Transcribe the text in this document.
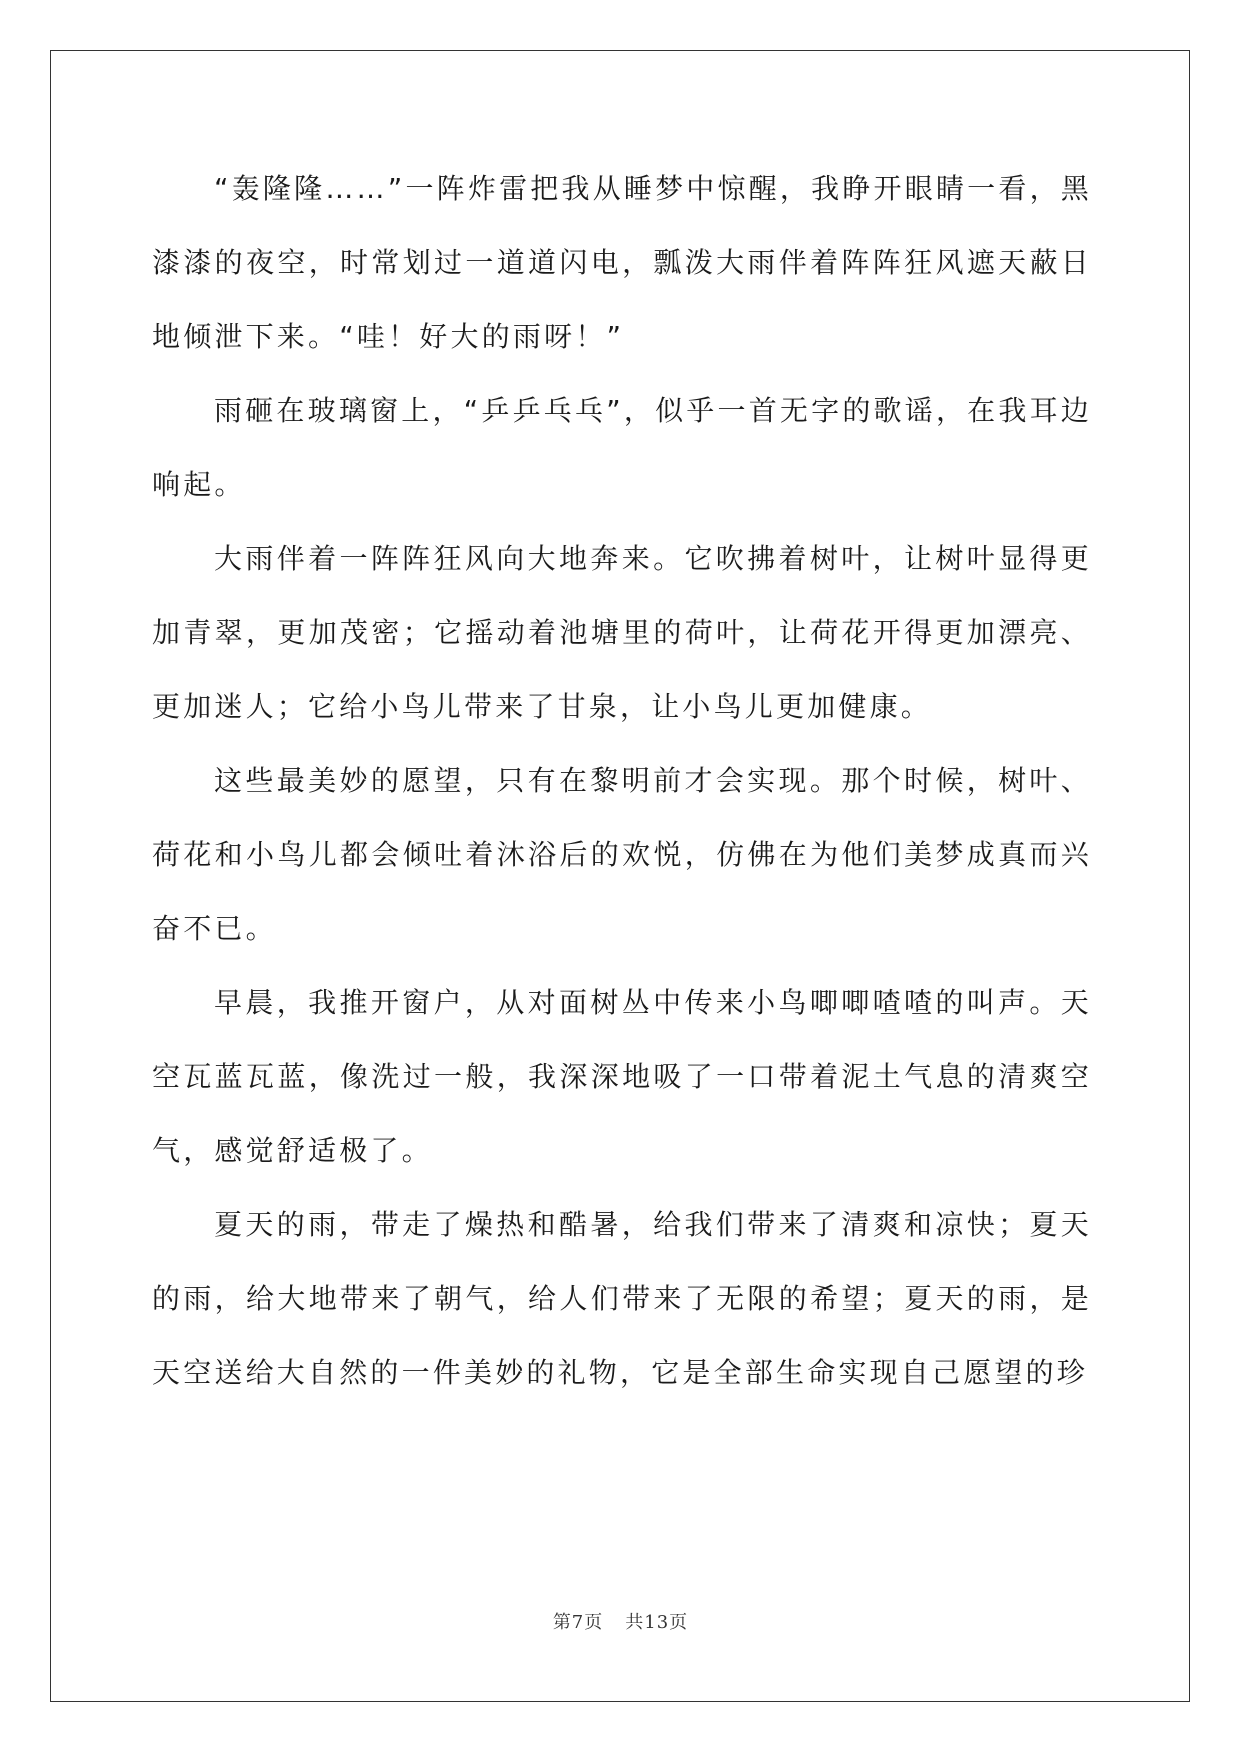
“轰隆隆……”一阵炸雷把我从睡梦中惊醒，我睁开眼睛一看，黑漆漆的夜空，时常划过一道道闪电，瓢泼大雨伴着阵阵狂风遮天蔽日地倾泄下来。“哇！好大的雨呀！”

雨砸在玻璃窗上，“乒乒乓乓”，似乎一首无字的歌谣，在我耳边响起。

大雨伴着一阵阵狂风向大地奔来。它吹拂着树叶，让树叶显得更加青翠，更加茂密；它摇动着池塘里的荷叶，让荷花开得更加漂亮、更加迷人；它给小鸟儿带来了甘泉，让小鸟儿更加健康。

这些最美妙的愿望，只有在黎明前才会实现。那个时候，树叶、荷花和小鸟儿都会倾吐着沐浴后的欢悦，仿佛在为他们美梦成真而兴奋不已。

早晨，我推开窗户，从对面树丛中传来小鸟唧唧喳喳的叫声。天空瓦蓝瓦蓝，像洗过一般，我深深地吸了一口带着泥土气息的清爽空气，感觉舒适极了。

夏天的雨，带走了燥热和酷暑，给我们带来了清爽和凉快；夏天的雨，给大地带来了朝气，给人们带来了无限的希望；夏天的雨，是天空送给大自然的一件美妙的礼物，它是全部生命实现自己愿望的珍

第7页 共13页
